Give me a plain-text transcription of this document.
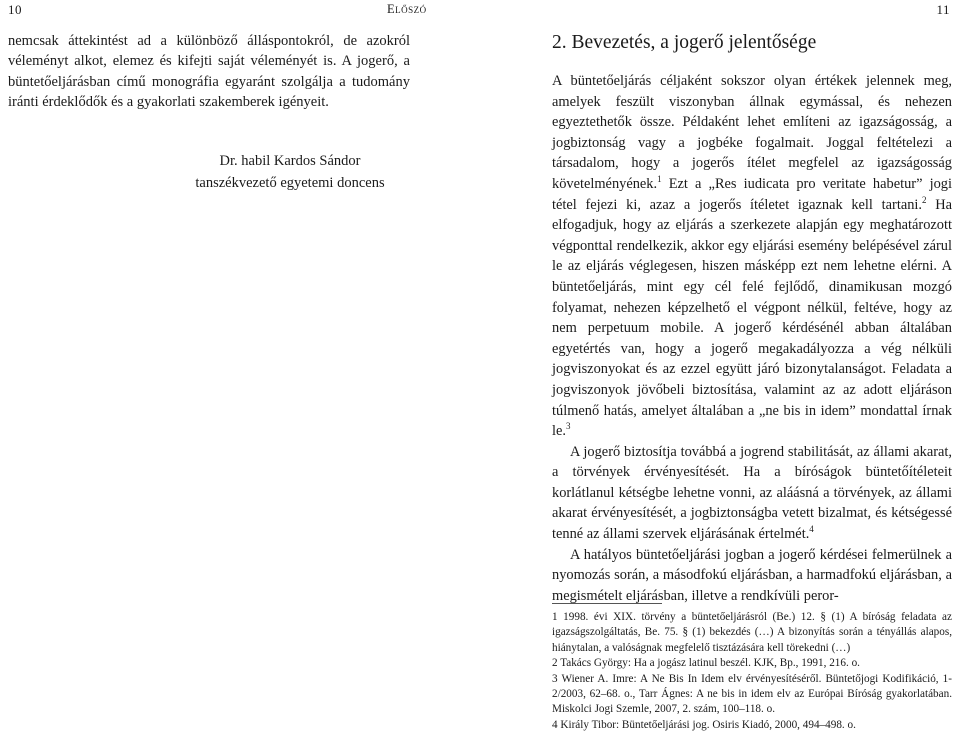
10	Előszó	11

nemcsak áttekintést ad a különböző álláspontokról, de azokról véleményt alkot, elemez és kifejti saját véleményét is. A jogerő, a büntetőeljárásban című monográfia egyaránt szolgálja a tudomány iránti érdeklődők és a gyakorlati szakemberek igényeit.

Dr. habil Kardos Sándor
tanszékvezető egyetemi doncens
2. Bevezetés, a jogerő jelentősége

A büntetőeljárás céljaként sokszor olyan értékek jelennek meg, amelyek feszült viszonyban állnak egymással, és nehezen egyeztethetők össze. Példaként lehet említeni az igazságosság, a jogbiztonság vagy a jogbéke fogalmait. Joggal feltételezi a társadalom, hogy a jogerős ítélet megfelel az igazságosság követelményének.$^1$ Ezt a „Res iudicata pro veritate habetur” jogi tétel fejezi ki, azaz a jogerős ítéletet igaznak kell tartani.$^2$ Ha elfogadjuk, hogy az eljárás a szerkezete alapján egy meghatározott végponttal rendelkezik, akkor egy eljárási esemény belépésével zárul le az eljárás véglegesen, hiszen másképp ezt nem lehetne elérni. A büntetőeljárás, mint egy cél felé fejlődő, dinamikusan mozgó folyamat, nehezen képzelhető el végpont nélkül, feltéve, hogy az nem perpetuum mobile. A jogerő kérdésénél abban általában egyetértés van, hogy a jogerő megakadályozza a vég nélküli jogviszonyokat és az ezzel együtt járó bizonytalanságot. Feladata a jogviszonyok jövőbeli biztosítása, valamint az az adott eljáráson túlmenő hatás, amelyet általában a „ne bis in idem” mondattal írnak le.$^3$

A jogerő biztosítja továbbá a jogrend stabilitását, az állami akarat, a törvények érvényesítését. Ha a bíróságok büntetőítéleteit korlátlanul kétségbe lehetne vonni, az aláásná a törvények, az állami akarat érvényesítését, a jogbiztonságba vetett bizalmat, és kétségessé tenné az állami szervek eljárásának értelmét.$^4$

A hatályos büntetőeljárási jogban a jogerő kérdései felmerülnek a nyomozás során, a másodfokú eljárásban, a harmadfokú eljárásban, a megismételt eljárásban, illetve a rendkívüli peror-

1 1998. évi XIX. törvény a büntetőeljárásról (Be.) 12. § (1) A bíróság feladata az igazságszolgáltatás, Be. 75. § (1) bekezdés (…) A bizonyítás során a tényállás alapos, hiánytalan, a valóságnak megfelelő tisztázására kell törekedni (…)

2 Takács György: Ha a jogász latinul beszél. KJK, Bp., 1991, 216. o.

3 Wiener A. Imre: A Ne Bis In Idem elv érvényesítéséről. Büntetőjogi Kodifikáció, 1-2/2003, 62–68. o., Tarr Ágnes: A ne bis in idem elv az Európai Bíróság gyakorlatában. Miskolci Jogi Szemle, 2007, 2. szám, 100–118. o.

4 Király Tibor: Büntetőeljárási jog. Osiris Kiadó, 2000, 494–498. o.
